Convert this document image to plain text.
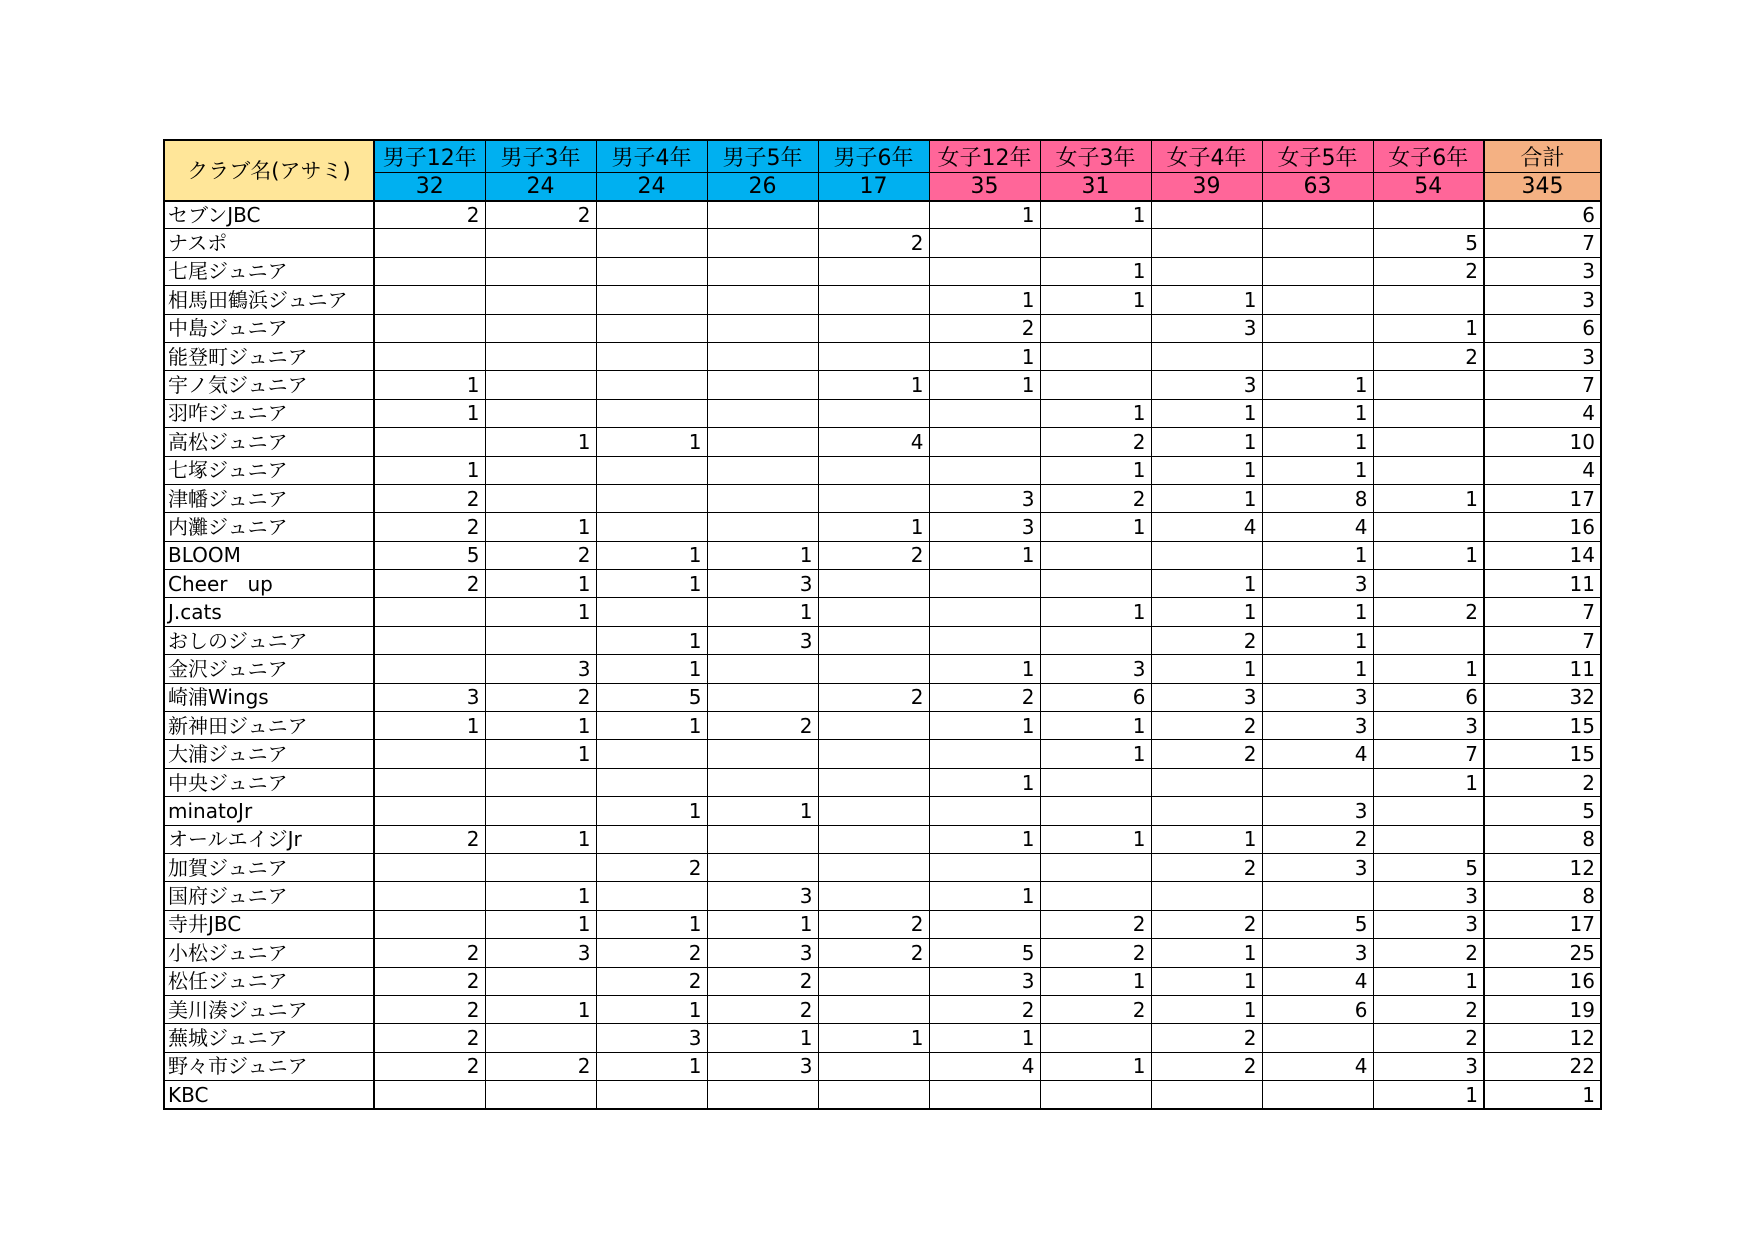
クラブ名(アサミ)	男子12年	男子3年	男子4年	男子5年	男子6年	女子12年	女子3年	女子4年	女子5年	女子6年	合計
	32	24	24	26	17	35	31	39	63	54	345
セブンJBC	2	2				1	1				6
ナスポ					2					5	7
七尾ジュニア							1			2	3
相馬田鶴浜ジュニア						1	1	1			3
中島ジュニア						2		3		1	6
能登町ジュニア						1				2	3
宇ノ気ジュニア	1				1	1		3	1		7
羽咋ジュニア	1						1	1	1		4
高松ジュニア		1	1		4		2	1	1		10
七塚ジュニア	1						1	1	1		4
津幡ジュニア	2					3	2	1	8	1	17
内灘ジュニア	2	1			1	3	1	4	4		16
BLOOM	5	2	1	1	2	1			1	1	14
Cheer　up	2	1	1	3				1	3		11
J.cats		1		1			1	1	1	2	7
おしのジュニア			1	3				2	1		7
金沢ジュニア		3	1			1	3	1	1	1	11
崎浦Wings	3	2	5		2	2	6	3	3	6	32
新神田ジュニア	1	1	1	2		1	1	2	3	3	15
大浦ジュニア		1					1	2	4	7	15
中央ジュニア						1				1	2
minatoJr			1	1					3		5
オールエイジJr	2	1				1	1	1	2		8
加賀ジュニア			2					2	3	5	12
国府ジュニア		1		3		1				3	8
寺井JBC		1	1	1	2		2	2	5	3	17
小松ジュニア	2	3	2	3	2	5	2	1	3	2	25
松任ジュニア	2		2	2		3	1	1	4	1	16
美川湊ジュニア	2	1	1	2		2	2	1	6	2	19
蕪城ジュニア	2		3	1	1	1		2		2	12
野々市ジュニア	2	2	1	3		4	1	2	4	3	22
KBC										1	1
